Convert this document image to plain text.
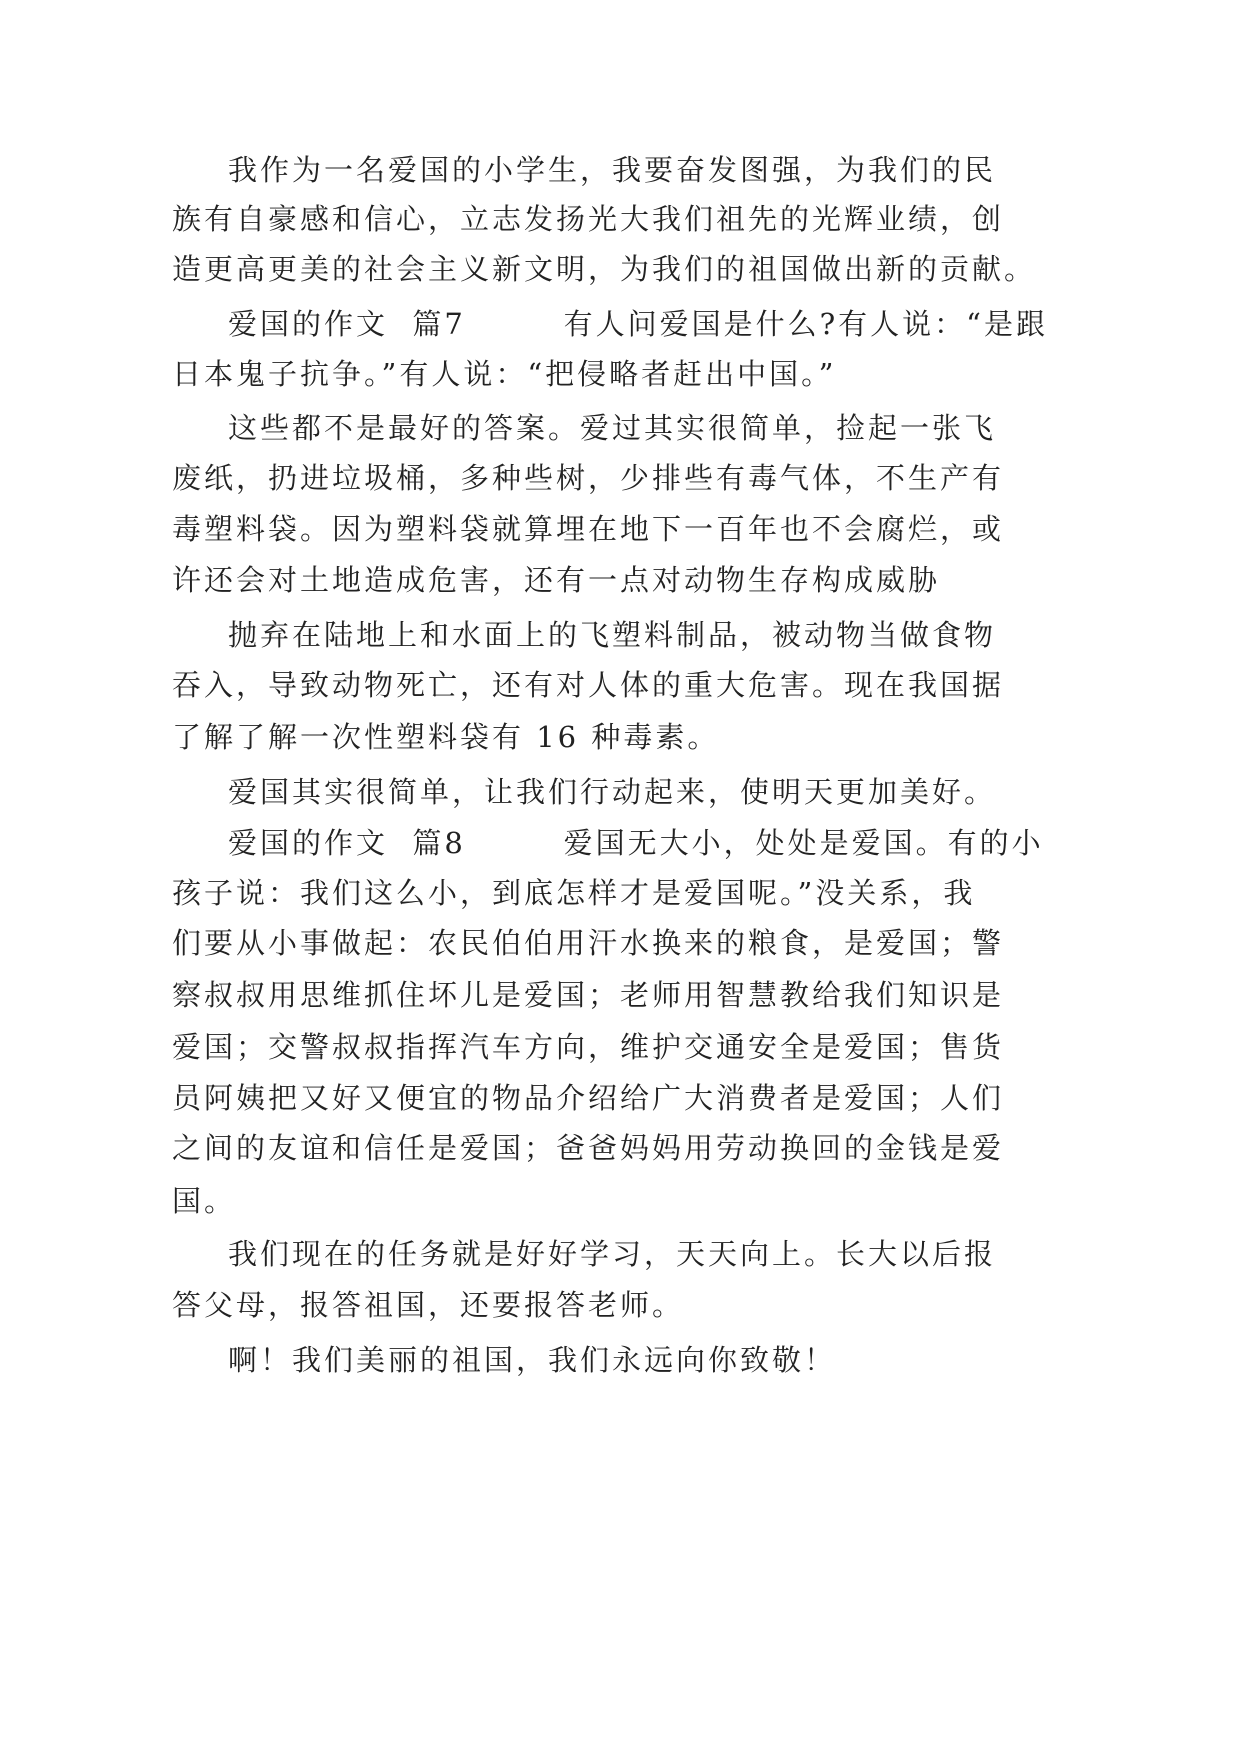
我作为一名爱国的小学生，我要奋发图强，为我们的民
族有自豪感和信心，立志发扬光大我们祖先的光辉业绩，创
造更高更美的社会主义新文明，为我们的祖国做出新的贡献。
爱国的作文  篇7        有人问爱国是什么?有人说：“是跟
日本鬼子抗争。”有人说：“把侵略者赶出中国。”
这些都不是最好的答案。爱过其实很简单，捡起一张飞
废纸，扔进垃圾桶，多种些树，少排些有毒气体，不生产有
毒塑料袋。因为塑料袋就算埋在地下一百年也不会腐烂，或
许还会对土地造成危害，还有一点对动物生存构成威胁
抛弃在陆地上和水面上的飞塑料制品，被动物当做食物
吞入，导致动物死亡，还有对人体的重大危害。现在我国据
了解了解一次性塑料袋有 16 种毒素。
爱国其实很简单，让我们行动起来，使明天更加美好。
爱国的作文  篇8        爱国无大小，处处是爱国。有的小
孩子说：我们这么小，到底怎样才是爱国呢。”没关系，我
们要从小事做起：农民伯伯用汗水换来的粮食，是爱国；警
察叔叔用思维抓住坏儿是爱国；老师用智慧教给我们知识是
爱国；交警叔叔指挥汽车方向，维护交通安全是爱国；售货
员阿姨把又好又便宜的物品介绍给广大消费者是爱国；人们
之间的友谊和信任是爱国；爸爸妈妈用劳动换回的金钱是爱
国。
我们现在的任务就是好好学习，天天向上。长大以后报
答父母，报答祖国，还要报答老师。
啊！我们美丽的祖国，我们永远向你致敬！
